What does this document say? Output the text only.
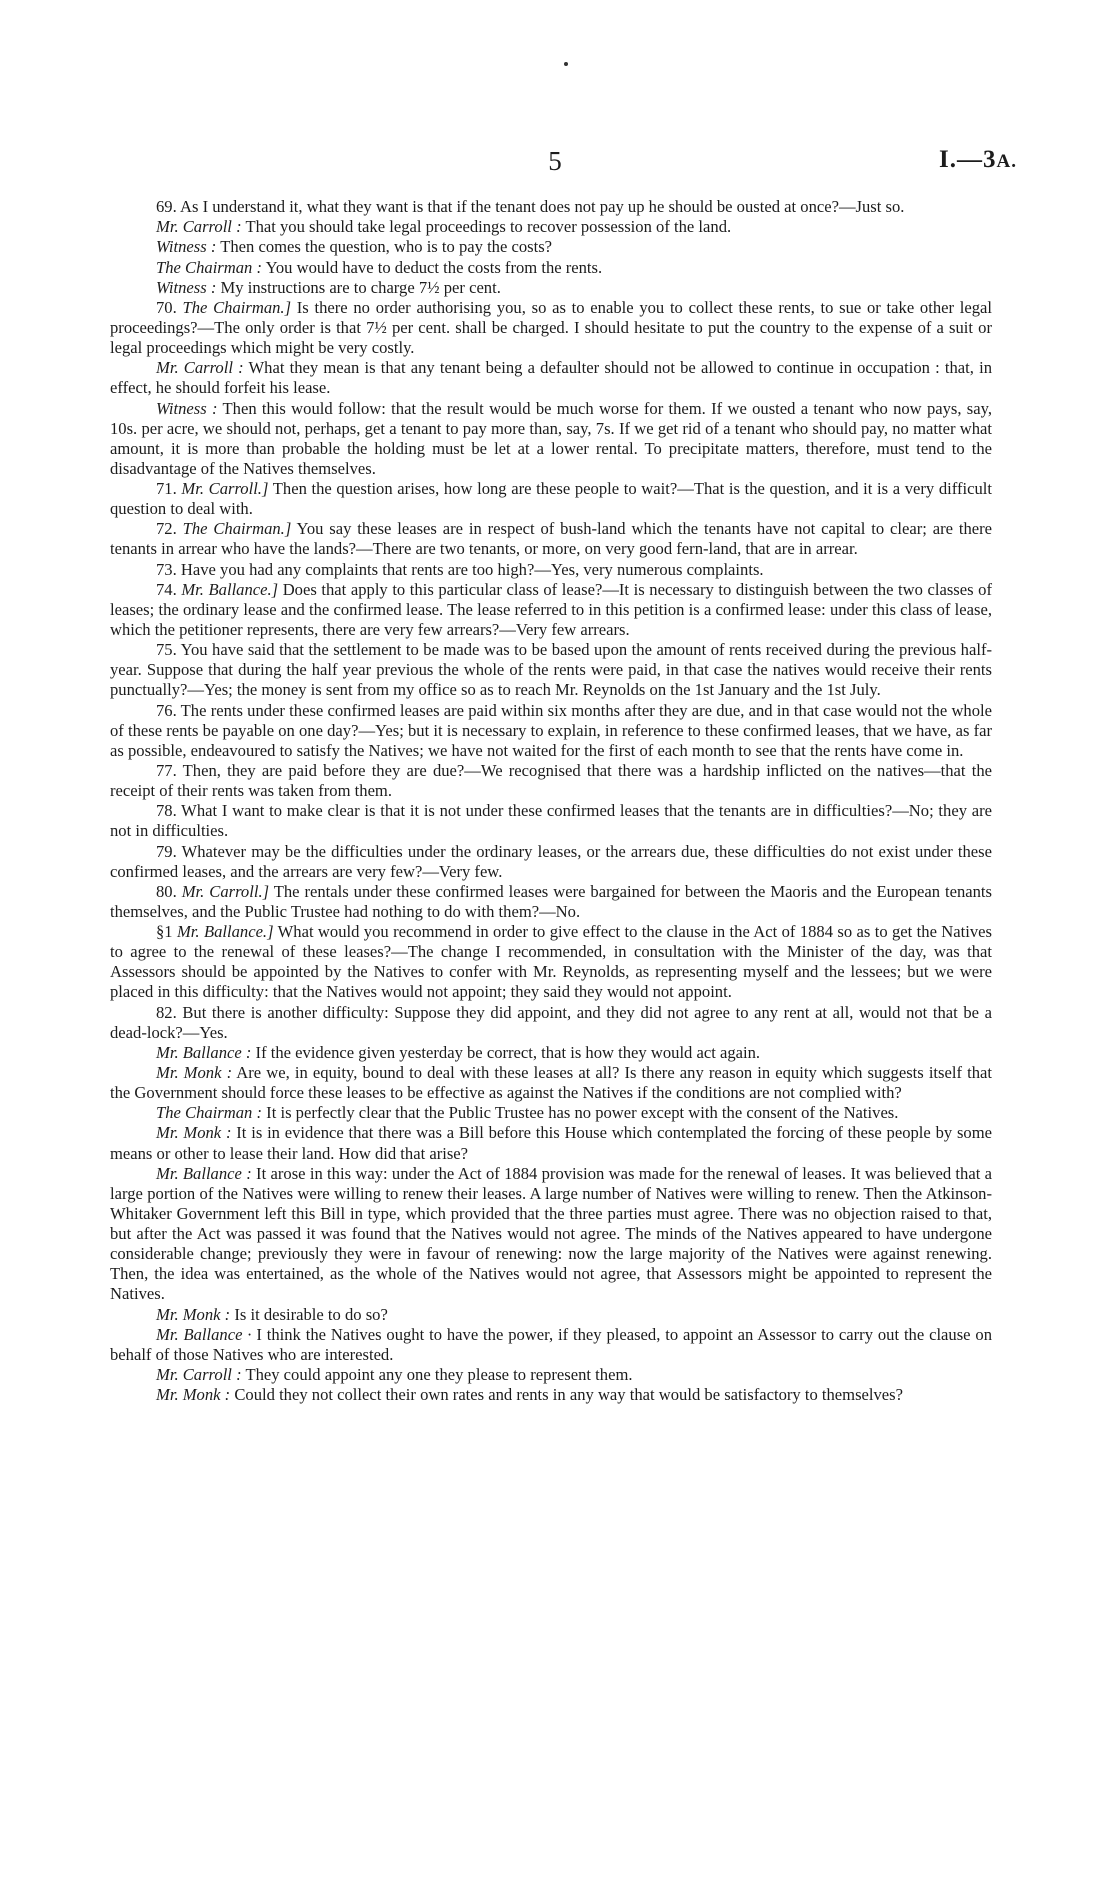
5	I.—3A.

69. As I understand it, what they want is that if the tenant does not pay up he should be ousted at once?—Just so.

Mr. Carroll : That you should take legal proceedings to recover possession of the land.

Witness : Then comes the question, who is to pay the costs?

The Chairman : You would have to deduct the costs from the rents.

Witness : My instructions are to charge 7½ per cent.

70. The Chairman.] Is there no order authorising you, so as to enable you to collect these rents, to sue or take other legal proceedings?—The only order is that 7½ per cent. shall be charged. I should hesitate to put the country to the expense of a suit or legal proceedings which might be very costly.

Mr. Carroll : What they mean is that any tenant being a defaulter should not be allowed to continue in occupation : that, in effect, he should forfeit his lease.

Witness : Then this would follow: that the result would be much worse for them. If we ousted a tenant who now pays, say, 10s. per acre, we should not, perhaps, get a tenant to pay more than, say, 7s. If we get rid of a tenant who should pay, no matter what amount, it is more than probable the holding must be let at a lower rental. To precipitate matters, therefore, must tend to the disadvantage of the Natives themselves.

71. Mr. Carroll.] Then the question arises, how long are these people to wait?—That is the question, and it is a very difficult question to deal with.

72. The Chairman.] You say these leases are in respect of bush-land which the tenants have not capital to clear; are there tenants in arrear who have the lands?—There are two tenants, or more, on very good fern-land, that are in arrear.

73. Have you had any complaints that rents are too high?—Yes, very numerous complaints.

74. Mr. Ballance.] Does that apply to this particular class of lease?—It is necessary to distinguish between the two classes of leases; the ordinary lease and the confirmed lease. The lease referred to in this petition is a confirmed lease: under this class of lease, which the petitioner represents, there are very few arrears?—Very few arrears.

75. You have said that the settlement to be made was to be based upon the amount of rents received during the previous half-year. Suppose that during the half year previous the whole of the rents were paid, in that case the natives would receive their rents punctually?—Yes; the money is sent from my office so as to reach Mr. Reynolds on the 1st January and the 1st July.

76. The rents under these confirmed leases are paid within six months after they are due, and in that case would not the whole of these rents be payable on one day?—Yes; but it is necessary to explain, in reference to these confirmed leases, that we have, as far as possible, endeavoured to satisfy the Natives; we have not waited for the first of each month to see that the rents have come in.

77. Then, they are paid before they are due?—We recognised that there was a hardship inflicted on the natives—that the receipt of their rents was taken from them.

78. What I want to make clear is that it is not under these confirmed leases that the tenants are in difficulties?—No; they are not in difficulties.

79. Whatever may be the difficulties under the ordinary leases, or the arrears due, these difficulties do not exist under these confirmed leases, and the arrears are very few?—Very few.

80. Mr. Carroll.] The rentals under these confirmed leases were bargained for between the Maoris and the European tenants themselves, and the Public Trustee had nothing to do with them?—No.

§1 Mr. Ballance.] What would you recommend in order to give effect to the clause in the Act of 1884 so as to get the Natives to agree to the renewal of these leases?—The change I recommended, in consultation with the Minister of the day, was that Assessors should be appointed by the Natives to confer with Mr. Reynolds, as representing myself and the lessees; but we were placed in this difficulty: that the Natives would not appoint; they said they would not appoint.

82. But there is another difficulty: Suppose they did appoint, and they did not agree to any rent at all, would not that be a dead-lock?—Yes.

Mr. Ballance : If the evidence given yesterday be correct, that is how they would act again.

Mr. Monk : Are we, in equity, bound to deal with these leases at all? Is there any reason in equity which suggests itself that the Government should force these leases to be effective as against the Natives if the conditions are not complied with?

The Chairman : It is perfectly clear that the Public Trustee has no power except with the consent of the Natives.

Mr. Monk : It is in evidence that there was a Bill before this House which contemplated the forcing of these people by some means or other to lease their land. How did that arise?

Mr. Ballance : It arose in this way: under the Act of 1884 provision was made for the renewal of leases. It was believed that a large portion of the Natives were willing to renew their leases. A large number of Natives were willing to renew. Then the Atkinson-Whitaker Government left this Bill in type, which provided that the three parties must agree. There was no objection raised to that, but after the Act was passed it was found that the Natives would not agree. The minds of the Natives appeared to have undergone considerable change; previously they were in favour of renewing: now the large majority of the Natives were against renewing. Then, the idea was entertained, as the whole of the Natives would not agree, that Assessors might be appointed to represent the Natives.

Mr. Monk : Is it desirable to do so?

Mr. Ballance · I think the Natives ought to have the power, if they pleased, to appoint an Assessor to carry out the clause on behalf of those Natives who are interested.

Mr. Carroll : They could appoint any one they please to represent them.

Mr. Monk : Could they not collect their own rates and rents in any way that would be satisfactory to themselves?
